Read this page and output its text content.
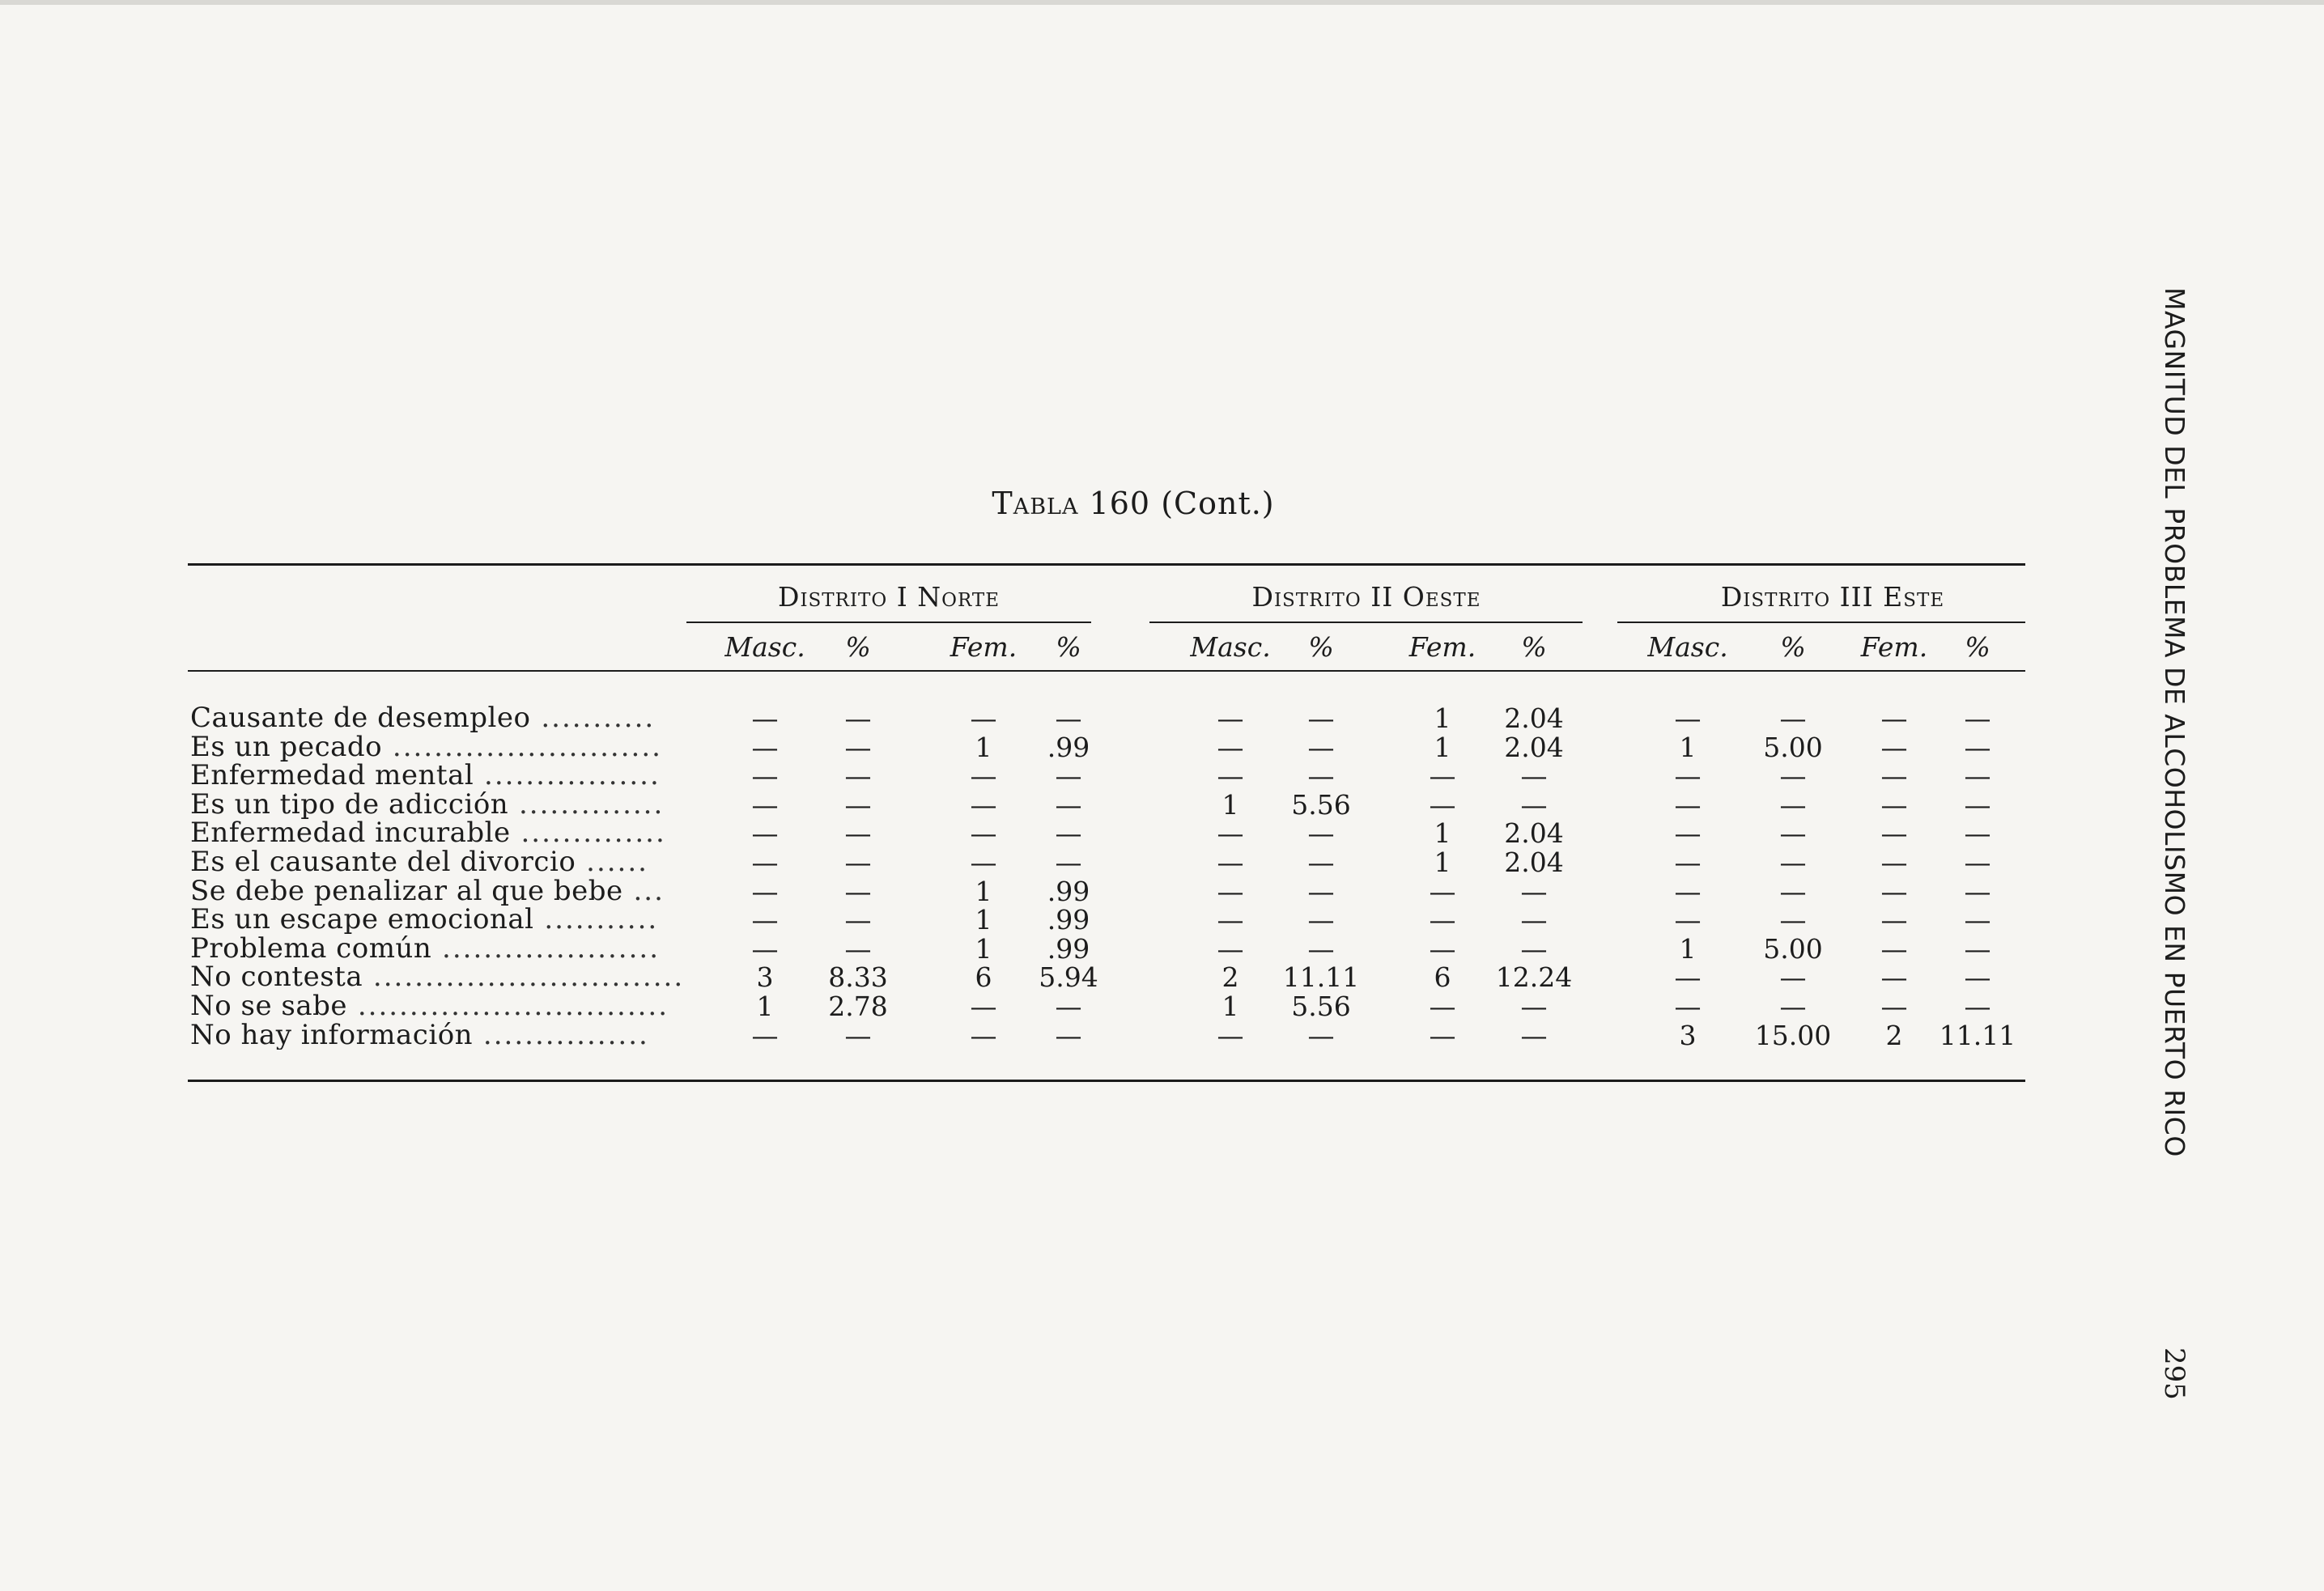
Tabla 160 (Cont.)
Distrito I Norte	Distrito II Oeste	Distrito III Este
Masc.	%	Fem.	%	Masc.	%	Fem.	%	Masc.	%	Fem.	%
Causante de desempleo ...........	—	—	—	—	—	—	1	2.04	—	—	—	—
Es un pecado ..........................	—	—	1	.99	—	—	1	2.04	1	5.00	—	—
Enfermedad mental .................	—	—	—	—	—	—	—	—	—	—	—	—
Es un tipo de adicción ..............	—	—	—	—	1	5.56	—	—	—	—	—	—
Enfermedad incurable ..............	—	—	—	—	—	—	1	2.04	—	—	—	—
Es el causante del divorcio ......	—	—	—	—	—	—	1	2.04	—	—	—	—
Se debe penalizar al que bebe ...	—	—	1	.99	—	—	—	—	—	—	—	—
Es un escape emocional ...........	—	—	1	.99	—	—	—	—	—	—	—	—
Problema común .....................	—	—	1	.99	—	—	—	—	1	5.00	—	—
No contesta ..............................	3	8.33	6	5.94	2	11.11	6	12.24	—	—	—	—
No se sabe ..............................	1	2.78	—	—	1	5.56	—	—	—	—	—	—
No hay información ................	—	—	—	—	—	—	—	—	3	15.00	2	11.11	MAGNITUD DEL PROBLEMA DE ALCOHOLISMO EN PUERTO RICO
295
